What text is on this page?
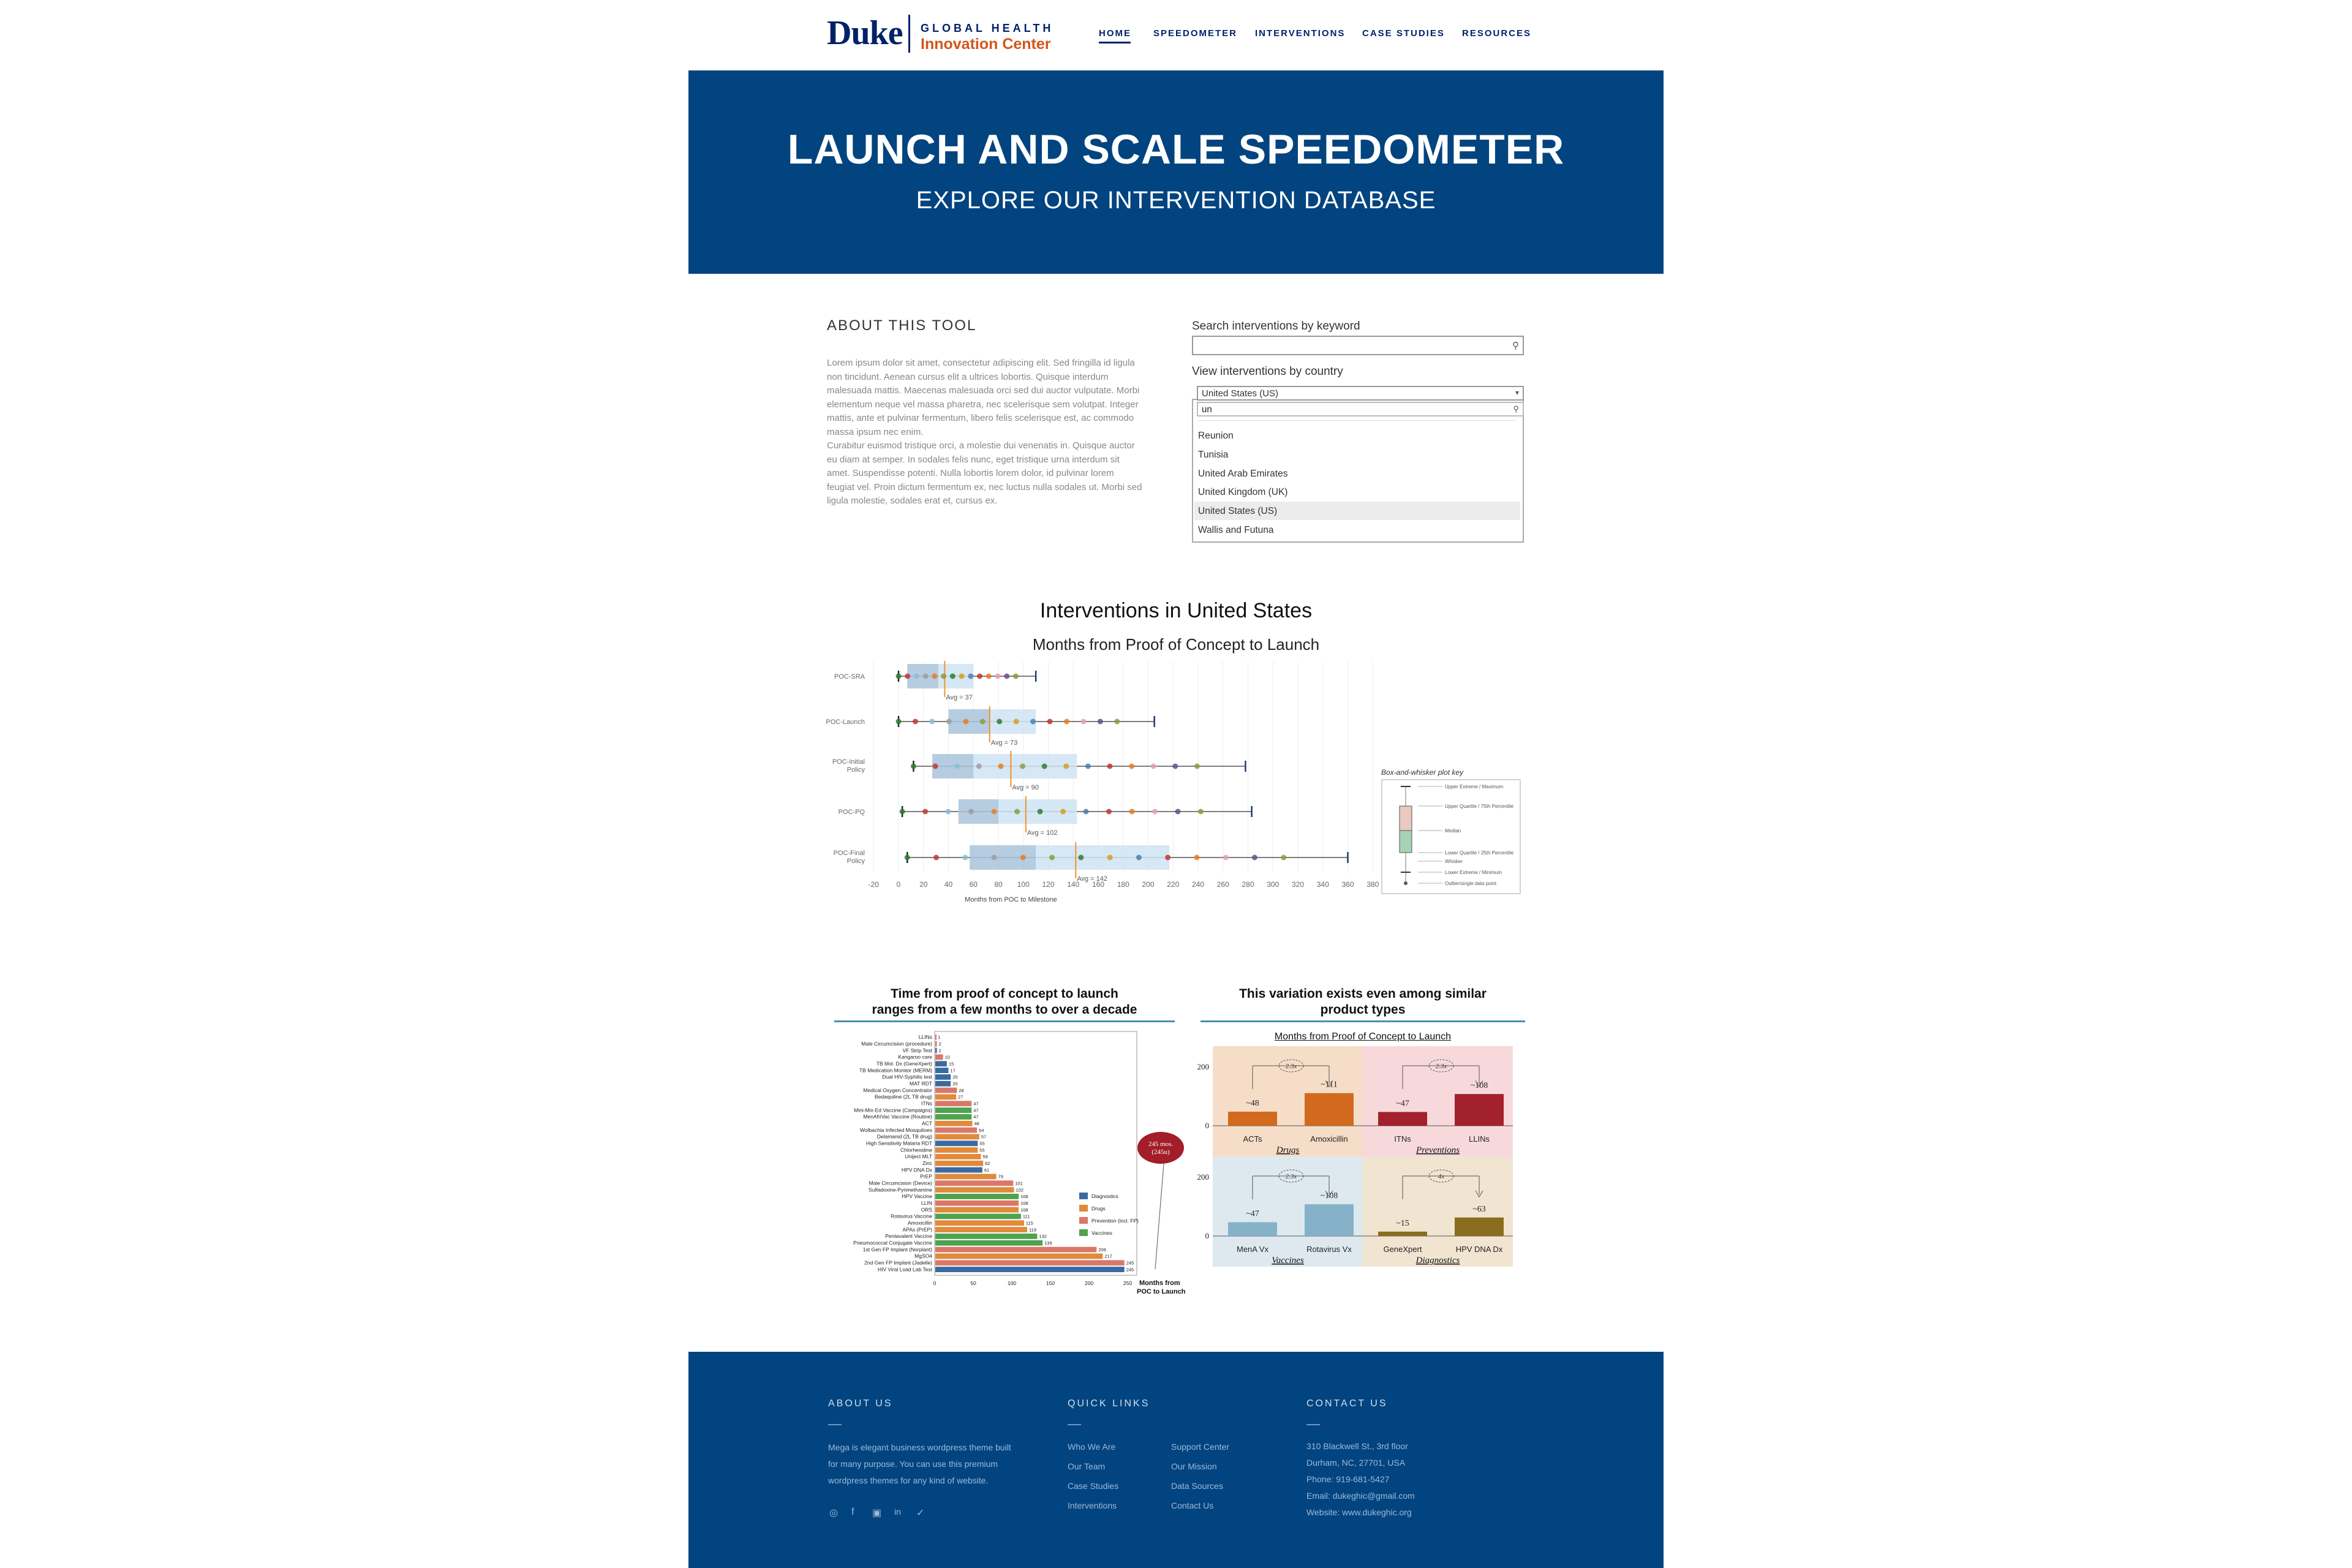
Duke GLOBAL HEALTH
Innovation Center
HOME SPEEDOMETER INTERVENTIONS CASE STUDIES RESOURCES
LAUNCH AND SCALE SPEEDOMETER
EXPLORE OUR INTERVENTION DATABASE
ABOUT THIS TOOL
Lorem ipsum dolor sit amet, consectetur adipiscing elit. Sed fringilla id ligula
non tincidunt. Aenean cursus elit a ultrices lobortis. Quisque interdum
malesuada mattis. Maecenas malesuada orci sed dui auctor vulputate. Morbi
elementum neque vel massa pharetra, nec scelerisque sem volutpat. Integer
mattis, ante et pulvinar fermentum, libero felis scelerisque est, ac commodo
massa ipsum nec enim.
Curabitur euismod tristique orci, a molestie dui venenatis in. Quisque auctor
eu diam at semper. In sodales felis nunc, eget tristique urna interdum sit
amet. Suspendisse potenti. Nulla lobortis lorem dolor, id pulvinar lorem
feugiat vel. Proin dictum fermentum ex, nec luctus nulla sodales ut. Morbi sed
ligula molestie, sodales erat et, cursus ex.
Search interventions by keyword
⚲
View interventions by country
United States (US)	▾
un	⚲
Reunion
Tunisia
United Arab Emirates
United Kingdom (UK)
United States (US)
Wallis and Futuna
Interventions in United States
Months from Proof of Concept to Launch
-20 0	20 40 60 80 100 120 140 160 180 200 220 240 260 280 300 320 340 360 380
Months from POC to Milestone
POC-SRA
Avg = 37
POC-Launch
Avg = 73
POC-Initial
Policy
Avg = 90
POC-PQ
Avg = 102
POC-Final
Policy
Avg = 142
Box-and-whisker plot key
Upper Extreme / Maximum
Upper Quartile / 75th Percentile
Median
Lower Quartile / 25th Percentile
Whisker
Lower Extreme / Minimum
Outlier/single data point
Time from proof of concept to launch
ranges from a few months to over a decade
LLINs 1
Male Circumcision (procedure) 2
VF Strip Test 2
Kangaroo care	10
TB Mol. Dx (GeneXpert)	15
TB Medication Monitor (MERM)	17
Dual HIV-Syphilis test	20
MAT RDT	20
Medical Oxygen Concentrator	28
Bedaquiline (2L TB drug)	27
ITNs	47
Mini-Mix-Ed Vaccine (Campaigns)	47
MenAfriVac Vaccine (Routine)	47
ACT	48
Wolbachia Infected Mosquitoes	54
Delamanid (2L TB drug)	57
High Sensitivity Malaria RDT	55
Chlorhexidine	55
Uniject MLT	59
Zinc	62
HPV DNA Dx	61
PrEP	79
Male Circumcision (Device)	101
Sulfadoxine-Pyrimethamine	102
HPV Vaccine	108
LLIN	108
ORS	108
Rotavirus Vaccine	111
Amoxicillin	115
APAs (PrEP)	119
Pentavalent Vaccine	132
Pneumococcal Conjugate Vaccine	139
1st Gen FP Implant (Norplant)	209
MgSO4	217
2nd Gen FP Implant (Jadelle)	245
HIV Viral Load Lab Test	245
0	50	100	150	200	250 Months from
POC to Launch
Diagnostics
Drugs
Prevention (incl. FP)
Vaccines
245 mos.
(245u)
This variation exists even among similar
product types
Months from Proof of Concept to Launch
0
200
0
200
~48
ACTs
~111
Amoxicillin
2.3x
Drugs
~47
ITNs
~108
LLINs
2.3x
Preventions
~47
MenA Vx
~108
Rotavirus Vx
2.3x
Vaccines
~15
GeneXpert
~63
HPV DNA Dx
4x
Diagnostics
ABOUT US
Mega is elegant business wordpress theme built
for many purpose. You can use this premium
wordpress themes for any kind of website.
◎ f ▣ in ✓
QUICK LINKS
Who We Are
Our Team
Case Studies
Interventions
Support Center
Our Mission
Data Sources
Contact Us
CONTACT US
310 Blackwell St., 3rd floor
Durham, NC, 27701, USA
Phone: 919-681-5427
Email: dukeghic@gmail.com
Website: www.dukeghic.org
